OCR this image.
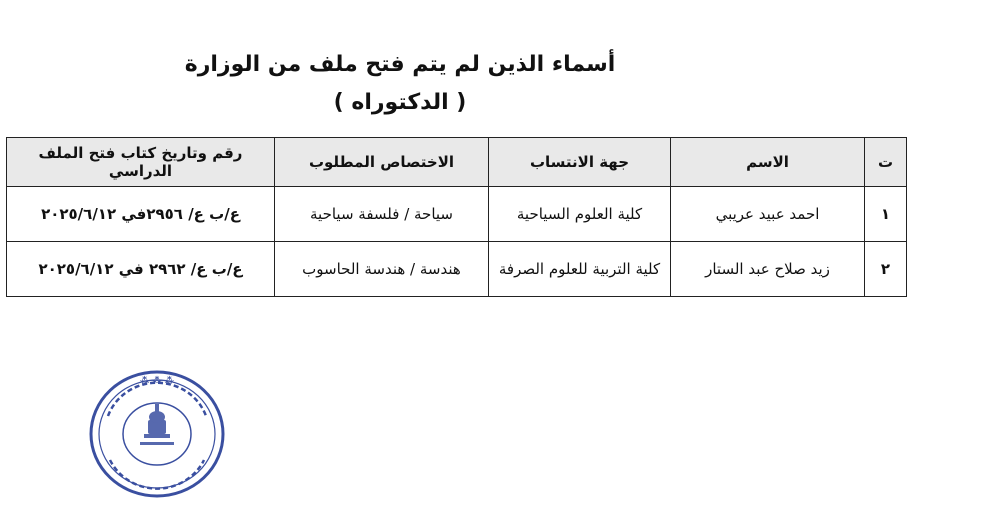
أسماء الذين لم يتم فتح ملف من الوزارة
( الدكتوراه )
ت	الاسم	جهة الانتساب	الاختصاص المطلوب	رقم وتاريخ كتاب فتح الملف الدراسي
١	احمد عبيد عريبي	كلية العلوم السياحية	سياحة / فلسفة سياحية	ع/ب ع/ ٢٩٥٦في ٢٠٢٥/٦/١٢
٢	زيد صلاح عبد الستار	كلية التربية للعلوم الصرفة	هندسة / هندسة الحاسوب	ع/ب ع/ ٢٩٦٢ في ٢٠٢٥/٦/١٢
⁂ ⁂ ⁂
